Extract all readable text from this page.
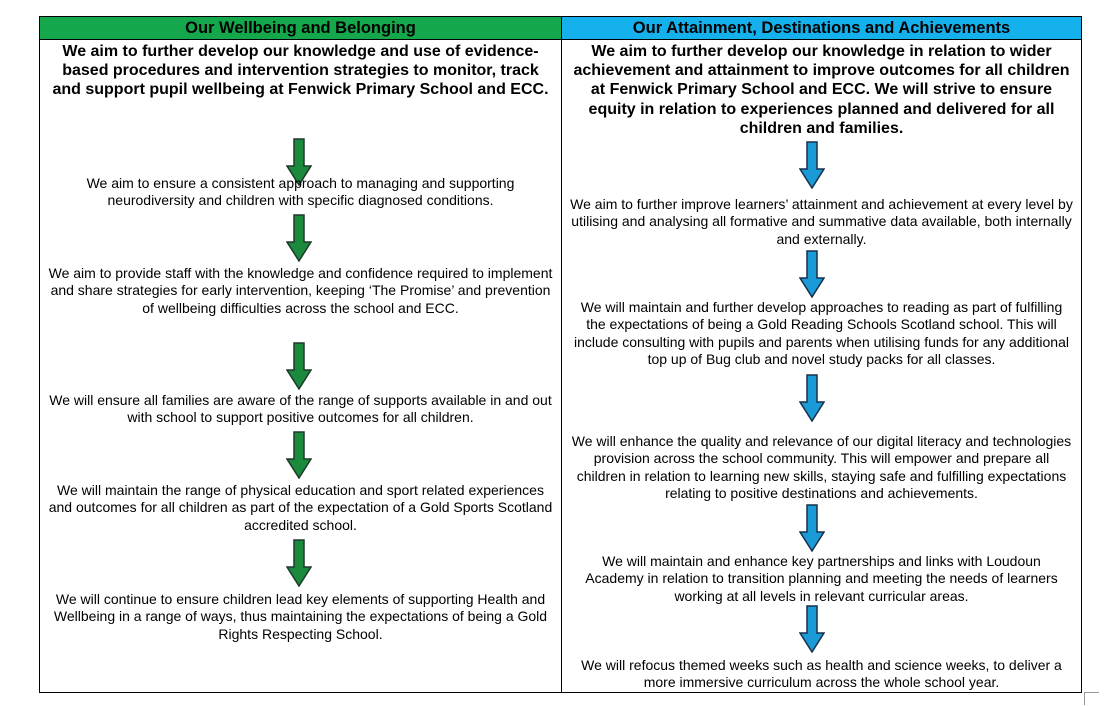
Our Wellbeing and Belonging
We aim to further develop our knowledge and use of evidence-based procedures and intervention strategies to monitor, track and support pupil wellbeing at Fenwick Primary School and ECC.
We aim to ensure a consistent approach to managing and supporting neurodiversity and children with specific diagnosed conditions.
We aim to provide staff with the knowledge and confidence required to implement and share strategies for early intervention, keeping ‘The Promise’ and prevention of wellbeing difficulties across the school and ECC.
We will ensure all families are aware of the range of supports available in and out with school to support positive outcomes for all children.
We will maintain the range of physical education and sport related experiences and outcomes for all children as part of the expectation of a Gold Sports Scotland accredited school.
We will continue to ensure children lead key elements of supporting Health and Wellbeing in a range of ways, thus maintaining the expectations of being a Gold Rights Respecting School.
Our Attainment, Destinations and Achievements
We aim to further develop our knowledge in relation to wider achievement and attainment to improve outcomes for all children at Fenwick Primary School and ECC. We will strive to ensure equity in relation to experiences planned and delivered for all children and families.
We aim to further improve learners’ attainment and achievement at every level by utilising and analysing all formative and summative data available, both internally and externally.
We will maintain and further develop approaches to reading as part of fulfilling the expectations of being a Gold Reading Schools Scotland school. This will include consulting with pupils and parents when utilising funds for any additional top up of Bug club and novel study packs for all classes.
We will enhance the quality and relevance of our digital literacy and technologies provision across the school community. This will empower and prepare all children in relation to learning new skills, staying safe and fulfilling expectations relating to positive destinations and achievements.
We will maintain and enhance key partnerships and links with Loudoun Academy in relation to transition planning and meeting the needs of learners working at all levels in relevant curricular areas.
We will refocus themed weeks such as health and science weeks, to deliver a more immersive curriculum across the whole school year.
